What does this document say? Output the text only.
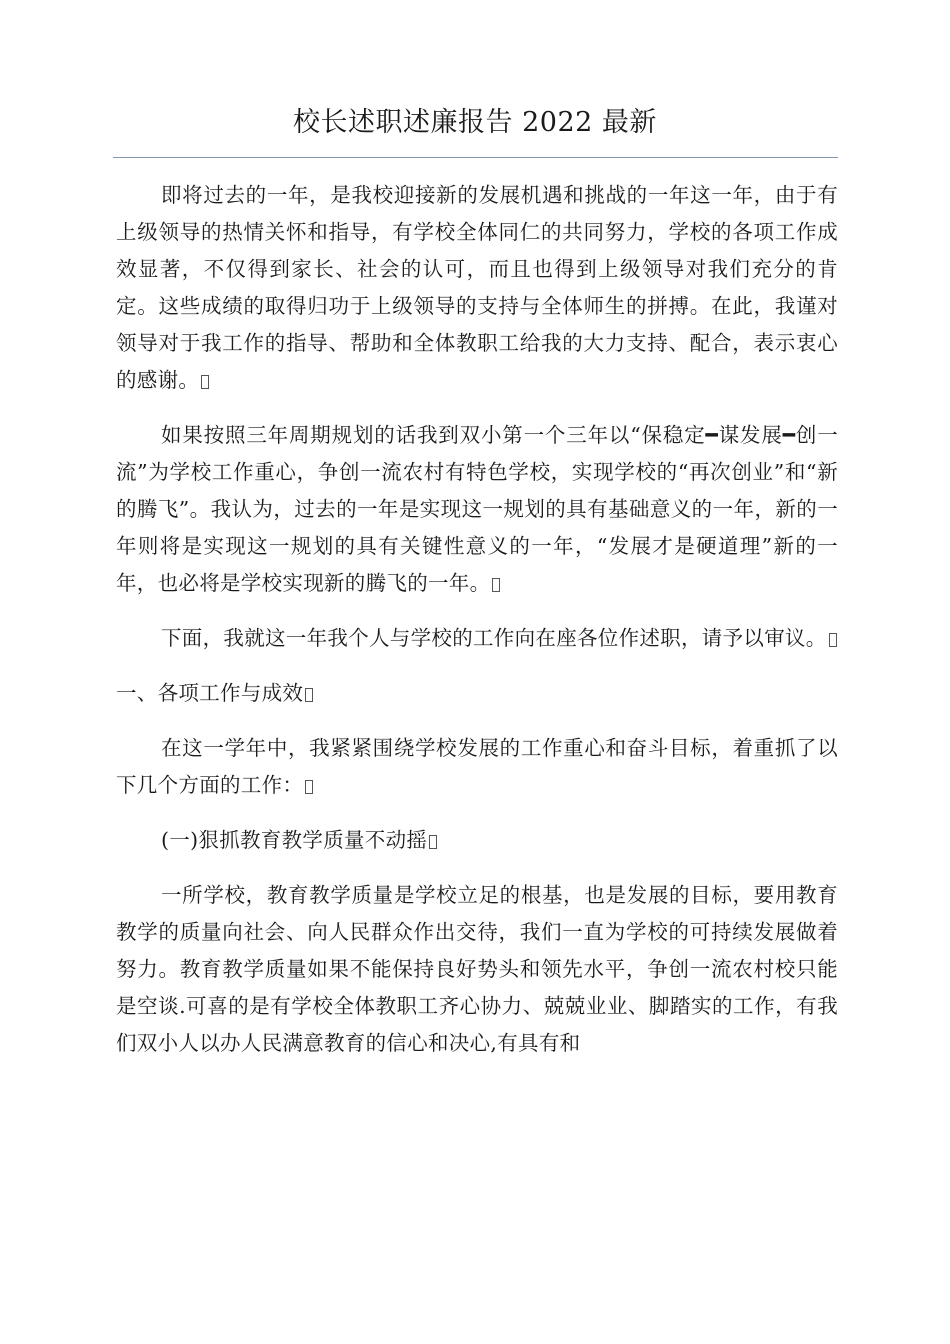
校长述职述廉报告 2022 最新

即将过去的一年，是我校迎接新的发展机遇和挑战的一年这一年，由于有上级领导的热情关怀和指导，有学校全体同仁的共同努力，学校的各项工作成效显著，不仅得到家长、社会的认可，而且也得到上级领导对我们充分的肯定。这些成绩的取得归功于上级领导的支持与全体师生的拼搏。在此，我谨对领导对于我工作的指导、帮助和全体教职工给我的大力支持、配合，表示衷心的感谢。

如果按照三年周期规划的话我到双小第一个三年以“保稳定━谋发展━创一流”为学校工作重心，争创一流农村有特色学校，实现学校的“再次创业”和“新的腾飞”。我认为，过去的一年是实现这一规划的具有基础意义的一年，新的一年则将是实现这一规划的具有关键性意义的一年，“发展才是硬道理”新的一年，也必将是学校实现新的腾飞的一年。

下面，我就这一年我个人与学校的工作向在座各位作述职，请予以审议。

一、各项工作与成效

在这一学年中，我紧紧围绕学校发展的工作重心和奋斗目标，着重抓了以下几个方面的工作：

(一)狠抓教育教学质量不动摇

一所学校，教育教学质量是学校立足的根基，也是发展的目标，要用教育教学的质量向社会、向人民群众作出交待，我们一直为学校的可持续发展做着努力。教育教学质量如果不能保持良好势头和领先水平，争创一流农村校只能是空谈.可喜的是有学校全体教职工齐心协力、兢兢业业、脚踏实的工作，有我们双小人以办人民满意教育的信心和决心,有具有和
